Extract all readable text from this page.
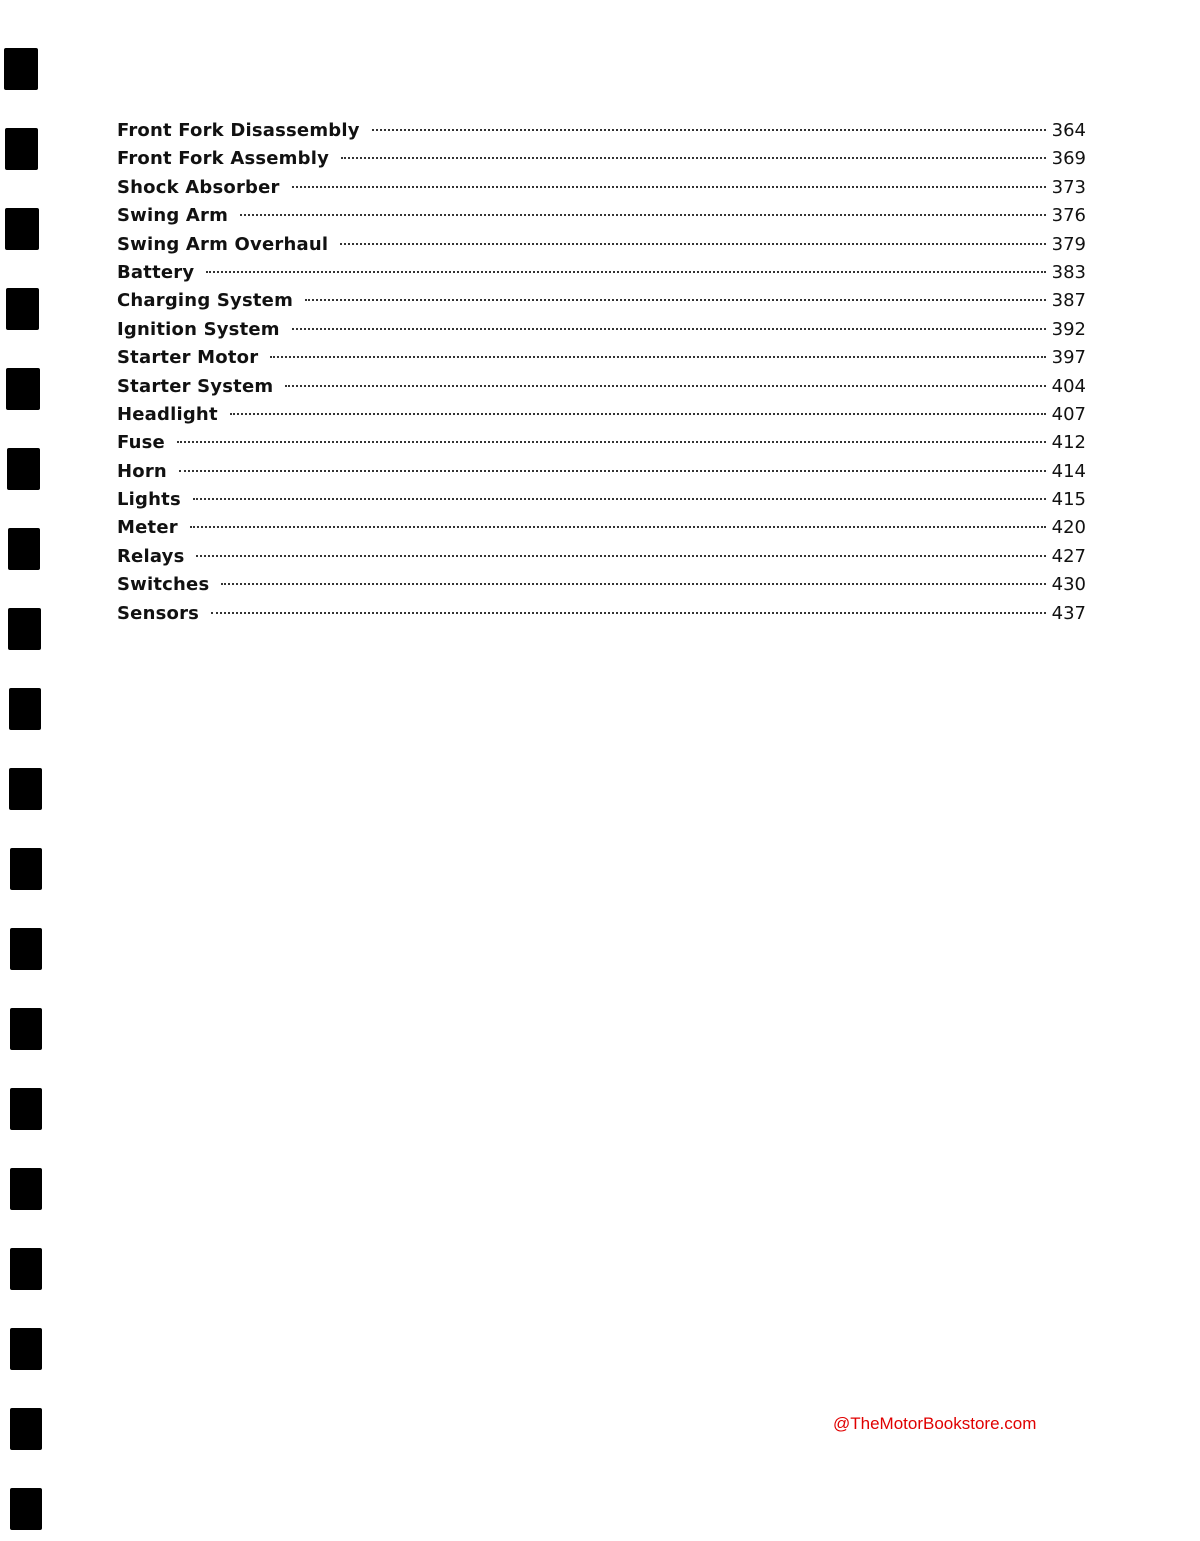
Front Fork Disassembly	364
Front Fork Assembly	369
Shock Absorber	373
Swing Arm	376
Swing Arm Overhaul	379
Battery	383
Charging System	387
Ignition System	392
Starter Motor	397
Starter System	404
Headlight	407
Fuse	412
Horn	414
Lights	415
Meter	420
Relays	427
Switches	430
Sensors	437
@TheMotorBookstore.com
